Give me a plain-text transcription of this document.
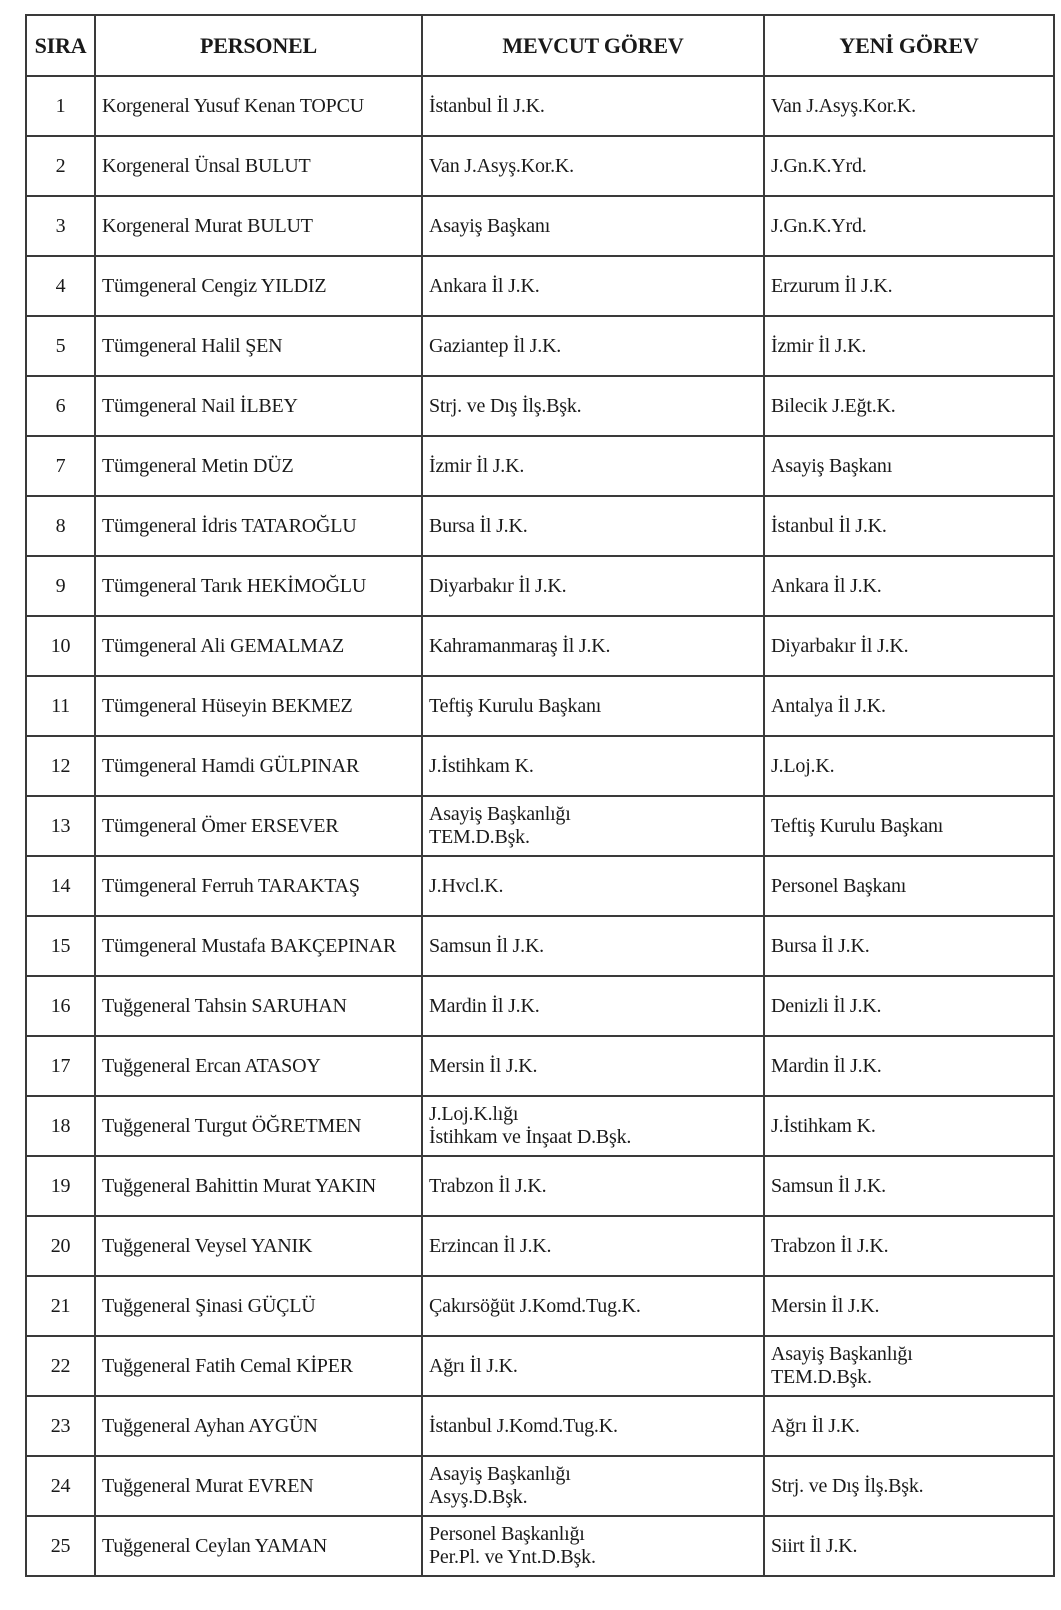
SIRA	PERSONEL	MEVCUT GÖREV	YENİ GÖREV
1	Korgeneral Yusuf Kenan TOPCU	İstanbul İl J.K.	Van J.Asyş.Kor.K.

2	Korgeneral Ünsal BULUT	Van J.Asyş.Kor.K.	J.Gn.K.Yrd.

3	Korgeneral Murat BULUT	Asayiş Başkanı	J.Gn.K.Yrd.

4	Tümgeneral Cengiz YILDIZ	Ankara İl J.K.	Erzurum İl J.K.

5	Tümgeneral Halil ŞEN	Gaziantep İl J.K.	İzmir İl J.K.

6	Tümgeneral Nail İLBEY	Strj. ve Dış İlş.Bşk.	Bilecik J.Eğt.K.

7	Tümgeneral Metin DÜZ	İzmir İl J.K.	Asayiş Başkanı

8	Tümgeneral İdris TATAROĞLU	Bursa İl J.K.	İstanbul İl J.K.

9	Tümgeneral Tarık HEKİMOĞLU	Diyarbakır İl J.K.	Ankara İl J.K.

10	Tümgeneral Ali GEMALMAZ	Kahramanmaraş İl J.K.	Diyarbakır İl J.K.

11	Tümgeneral Hüseyin BEKMEZ	Teftiş Kurulu Başkanı	Antalya İl J.K.

12	Tümgeneral Hamdi GÜLPINAR	J.İstihkam K.	J.Loj.K.

13	Tümgeneral Ömer ERSEVER	Asayiş Başkanlığı
TEM.D.Bşk.	Teftiş Kurulu Başkanı

14	Tümgeneral Ferruh TARAKTAŞ	J.Hvcl.K.	Personel Başkanı

15	Tümgeneral Mustafa BAKÇEPINAR	Samsun İl J.K.	Bursa İl J.K.

16	Tuğgeneral Tahsin SARUHAN	Mardin İl J.K.	Denizli İl J.K.

17	Tuğgeneral Ercan ATASOY	Mersin İl J.K.	Mardin İl J.K.

18	Tuğgeneral Turgut ÖĞRETMEN	J.Loj.K.lığı
İstihkam ve İnşaat D.Bşk.	J.İstihkam K.

19	Tuğgeneral Bahittin Murat YAKIN	Trabzon İl J.K.	Samsun İl J.K.

20	Tuğgeneral Veysel YANIK	Erzincan İl J.K.	Trabzon İl J.K.

21	Tuğgeneral Şinasi GÜÇLÜ	Çakırsöğüt J.Komd.Tug.K.	Mersin İl J.K.

22	Tuğgeneral Fatih Cemal KİPER	Ağrı İl J.K.	Asayiş Başkanlığı
TEM.D.Bşk.

23	Tuğgeneral Ayhan AYGÜN	İstanbul J.Komd.Tug.K.	Ağrı İl J.K.

24	Tuğgeneral Murat EVREN	Asayiş Başkanlığı
Asyş.D.Bşk.	Strj. ve Dış İlş.Bşk.

25	Tuğgeneral Ceylan YAMAN	Personel Başkanlığı
Per.Pl. ve Ynt.D.Bşk.	Siirt İl J.K.
